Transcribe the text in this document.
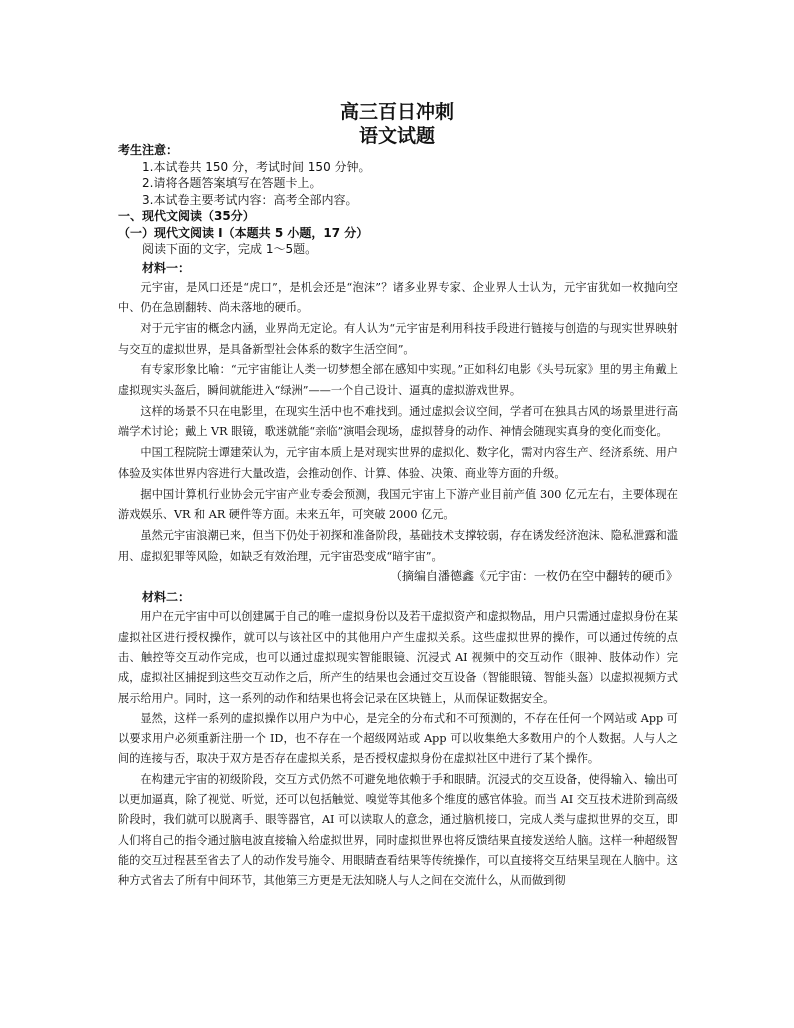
高三百日冲刺
语文试题
考生注意：
1.本试卷共 150 分，考试时间 150 分钟。
2.请将各题答案填写在答题卡上。
3.本试卷主要考试内容：高考全部内容。
一、现代文阅读（35分）
（一）现代文阅读 I（本题共 5 小题，17 分）
阅读下面的文字，完成 1～5题。
材料一：

元宇宙，是风口还是“虎口”，是机会还是“泡沫”？诸多业界专家、企业界人士认为，元宇宙犹如一枚抛向空中、仍在急剧翻转、尚未落地的硬币。

对于元宇宙的概念内涵，业界尚无定论。有人认为“元宇宙是利用科技手段进行链接与创造的与现实世界映射与交互的虚拟世界，是具备新型社会体系的数字生活空间”。

有专家形象比喻：“元宇宙能让人类一切梦想全部在感知中实现。”正如科幻电影《头号玩家》里的男主角戴上虚拟现实头盔后，瞬间就能进入“绿洲”——一个自己设计、逼真的虚拟游戏世界。

这样的场景不只在电影里，在现实生活中也不难找到。通过虚拟会议空间，学者可在独具古风的场景里进行高端学术讨论；戴上 VR 眼镜，歌迷就能“亲临”演唱会现场，虚拟替身的动作、神情会随现实真身的变化而变化。

中国工程院院士谭建荣认为，元宇宙本质上是对现实世界的虚拟化、数字化，需对内容生产、经济系统、用户体验及实体世界内容进行大量改造，会推动创作、计算、体验、决策、商业等方面的升级。

据中国计算机行业协会元宇宙产业专委会预测，我国元宇宙上下游产业目前产值 300 亿元左右，主要体现在游戏娱乐、VR 和 AR 硬件等方面。未来五年，可突破 2000 亿元。

虽然元宇宙浪潮已来，但当下仍处于初探和准备阶段，基础技术支撑较弱，存在诱发经济泡沫、隐私泄露和滥用、虚拟犯罪等风险，如缺乏有效治理，元宇宙恐变成“暗宇宙”。

（摘编自潘德鑫《元宇宙：一枚仍在空中翻转的硬币》

材料二：

用户在元宇宙中可以创建属于自己的唯一虚拟身份以及若干虚拟资产和虚拟物品，用户只需通过虚拟身份在某虚拟社区进行授权操作，就可以与该社区中的其他用户产生虚拟关系。这些虚拟世界的操作，可以通过传统的点击、触控等交互动作完成，也可以通过虚拟现实智能眼镜、沉浸式 AI 视频中的交互动作（眼神、肢体动作）完成，虚拟社区捕捉到这些交互动作之后，所产生的结果也会通过交互设备（智能眼镜、智能头盔）以虚拟视频方式展示给用户。同时，这一系列的动作和结果也将会记录在区块链上，从而保证数据安全。

显然，这样一系列的虚拟操作以用户为中心，是完全的分布式和不可预测的，不存在任何一个网站或 App 可以要求用户必须重新注册一个 ID，也不存在一个超级网站或 App 可以收集绝大多数用户的个人数据。人与人之间的连接与否，取决于双方是否存在虚拟关系，是否授权虚拟身份在虚拟社区中进行了某个操作。

在构建元宇宙的初级阶段，交互方式仍然不可避免地依赖于手和眼睛。沉浸式的交互设备，使得输入、输出可以更加逼真，除了视觉、听觉，还可以包括触觉、嗅觉等其他多个维度的感官体验。而当 AI 交互技术进阶到高级阶段时，我们就可以脱离手、眼等器官，AI 可以读取人的意念，通过脑机接口，完成人类与虚拟世界的交互，即人们将自己的指令通过脑电波直接输入给虚拟世界，同时虚拟世界也将反馈结果直接发送给人脑。这样一种超级智能的交互过程甚至省去了人的动作发号施令、用眼睛查看结果等传统操作，可以直接将交互结果呈现在人脑中。这种方式省去了所有中间环节，其他第三方更是无法知晓人与人之间在交流什么，从而做到彻
